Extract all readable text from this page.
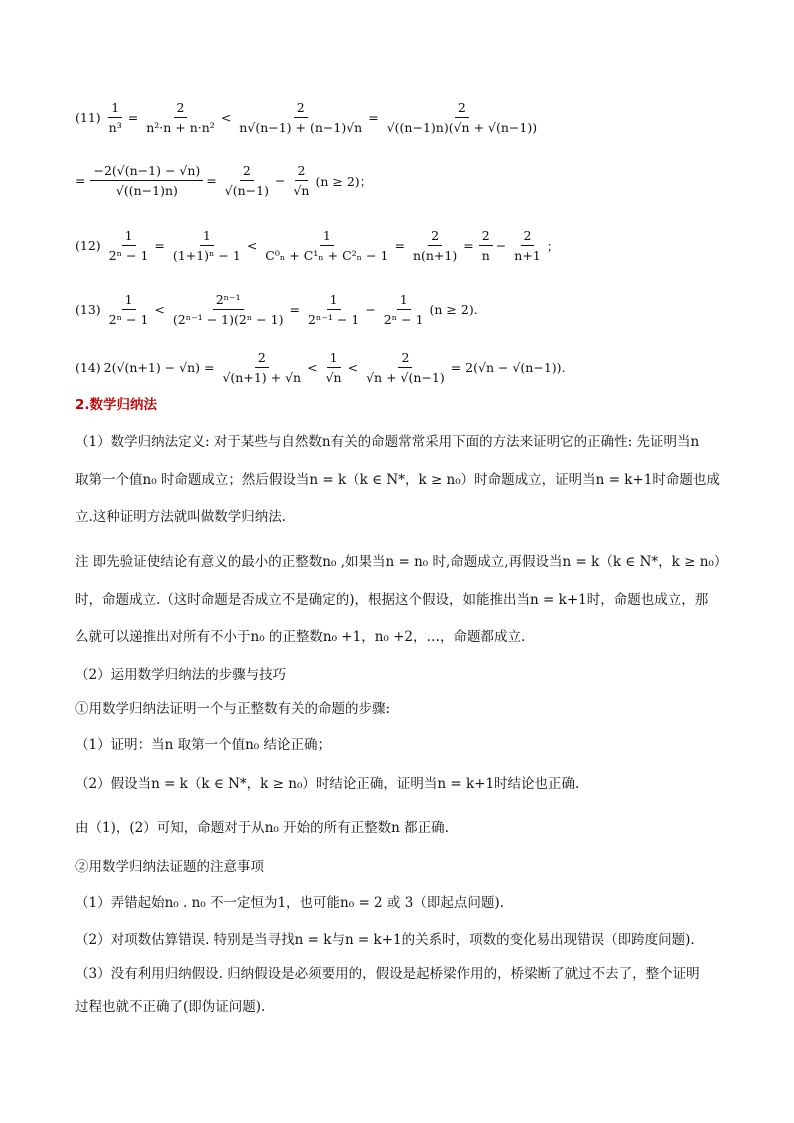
$(11) \frac{1}{\text{n³}} = \frac{2}{\text{n²·n + n·n²}} < \frac{2}{n√(n-1) + (n-1)√n} = \frac{2}{√((n-1)n)(√n + √(n-1))}$
= $\frac{-2(√(n-1) - √n)}{√((n-1)n)} = \frac{2}{√(n-1)} - \frac{2}{√n} (n \ge 2)$；
$(12) \frac{1}{\text{2ⁿ − 1}} = \frac{1}{\text{(1+1)ⁿ − 1}} < \frac{1}{\text{C⁰ₙ + C¹ₙ + C²ₙ − 1}} = \frac{2}{n(n+1)} = \frac{2}{n} - \frac{2}{n+1}$ ；
$(13) \frac{1}{\text{2ⁿ − 1}} < \frac{\text{2ⁿ⁻¹}}{\text{(2ⁿ⁻¹ − 1)(2ⁿ − 1)}} = \frac{1}{\text{2ⁿ⁻¹ − 1}} - \frac{1}{\text{2ⁿ − 1}} (n \ge 2)$.
(14) $2(√(n+1) - √n) = \frac{2}{√(n+1) + √n} < \frac{1}{√n} < \frac{2}{√n + √(n-1)} = 2(√n - √(n-1))$.
2.数学归纳法
（1）数学归纳法定义: 对于某些与自然数n有关的命题常常采用下面的方法来证明它的正确性: 先证明当n
取第一个值n₀ 时命题成立；然后假设当n = k（k ∈ N*，k ≥ n₀）时命题成立，证明当n = k+1时命题也成
立.这种证明方法就叫做数学归纳法.
注 即先验证使结论有意义的最小的正整数n₀ ,如果当n = n₀ 时,命题成立,再假设当n = k（k ∈ N*，k ≥ n₀）
时，命题成立.（这时命题是否成立不是确定的)，根据这个假设，如能推出当n = k+1时，命题也成立，那
么就可以递推出对所有不小于n₀ 的正整数n₀ +1，n₀ +2，…，命题都成立.
（2）运用数学归纳法的步骤与技巧
①用数学归纳法证明一个与正整数有关的命题的步骤:
（1）证明：当n 取第一个值n₀ 结论正确；
（2）假设当n = k（k ∈ N*，k ≥ n₀）时结论正确，证明当n = k+1时结论也正确.
由（1)，(2）可知，命题对于从n₀ 开始的所有正整数n 都正确.
②用数学归纳法证题的注意事项
（1）弄错起始n₀ . n₀ 不一定恒为1，也可能n₀ = 2 或 3（即起点问题).
（2）对项数估算错误. 特别是当寻找n = k与n = k+1的关系时，项数的变化易出现错误（即跨度问题).
（3）没有利用归纳假设. 归纳假设是必须要用的，假设是起桥梁作用的，桥梁断了就过不去了，整个证明
过程也就不正确了(即伪证问题).
